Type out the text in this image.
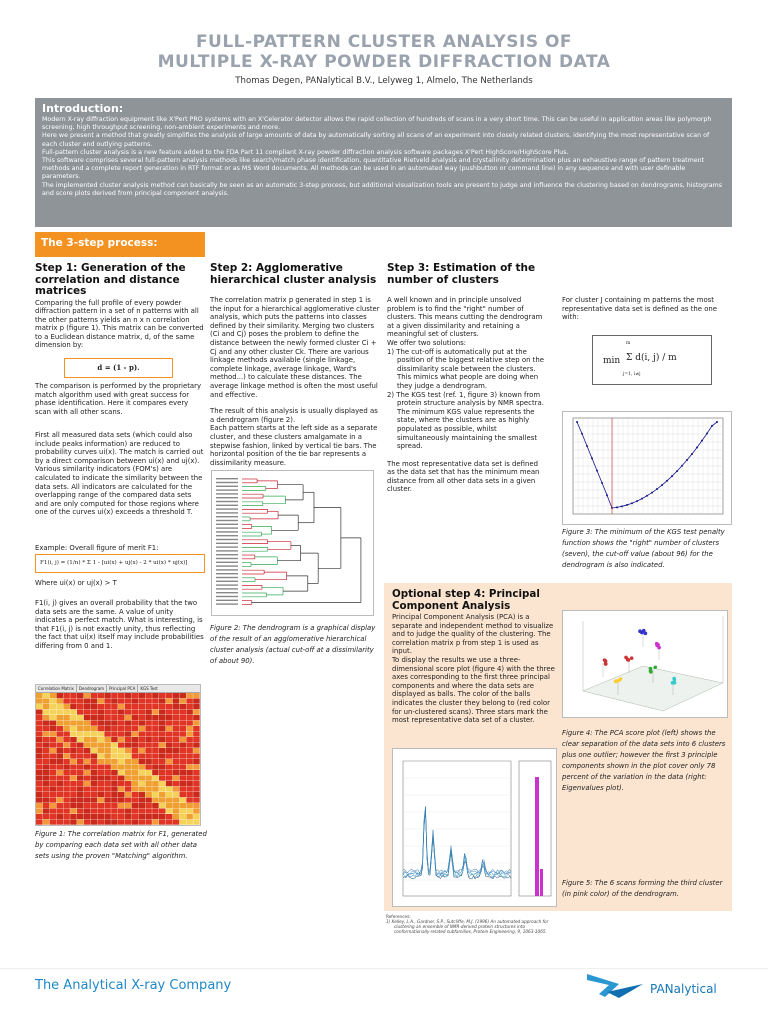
FULL-PATTERN CLUSTER ANALYSIS OF
MULTIPLE X-RAY POWDER DIFFRACTION DATA
Thomas Degen, PANalytical B.V., Lelyweg 1, Almelo, The Netherlands
Introduction:

Modern X-ray diffraction equipment like X'Pert PRO systems with an X'Celerator detector allows the rapid collection of hundreds of scans in a very short time. This can be useful in application areas like polymorph screening, high throughput screening, non-ambient experiments and more.

Here we present a method that greatly simplifies the analysis of large amounts of data by automatically sorting all scans of an experiment into closely related clusters, identifying the most representative scan of each cluster and outlying patterns.

Full-pattern cluster analysis is a new feature added to the FDA Part 11 compliant X-ray powder diffraction analysis software packages X'Pert HighScore/HighScore Plus.

This software comprises several full-pattern analysis methods like search/match phase identification, quantitative Rietveld analysis and crystallinity determination plus an exhaustive range of pattern treatment methods and a complete report generation in RTF format or as MS Word documents. All methods can be used in an automated way (pushbutton or command line) in any sequence and with user definable parameters.

The implemented cluster analysis method can basically be seen as an automatic 3-step process, but additional visualization tools are present to judge and influence the clustering based on dendrograms, histograms and score plots derived from principal component analysis.

The 3-step process:
Step 1: Generation of the correlation and distance matrices

Comparing the full profile of every powder diffraction pattern in a set of n patterns with all the other patterns yields an n x n correlation matrix p (figure 1). This matrix can be converted to a Euclidean distance matrix, d, of the same dimension by:

d = (1 - p).

The comparison is performed by the proprietary match algorithm used with great success for phase identification. Here it compares every scan with all other scans.

First all measured data sets (which could also include peaks information) are reduced to probability curves ui(x). The match is carried out by a direct comparison between ui(x) and uj(x). Various similarity indicators (FOM's) are calculated to indicate the similarity between the data sets. All indicators are calculated for the overlapping range of the compared data sets and are only computed for those regions where one of the curves ui(x) exceeds a threshold T.

Example: Overall figure of merit F1:

F1(i, j) = (1/n) * Σ 1 - [ui(x) + uj(x) - 2 * ui(x) * uj(x)]

Where ui(x) or uj(x) > T

F1(i, j) gives an overall probability that the two data sets are the same. A value of unity indicates a perfect match. What is interesting, is that F1(i, j) is not exactly unity, thus reflecting the fact that ui(x) itself may include probabilities differing from 0 and 1.

Correlation Matrix	Dendrogram	Principal PCA	KGS Test
Figure 1: The correlation matrix for F1, generated by comparing each data set with all other data sets using the proven "Matching" algorithm.
Step 2: Agglomerative hierarchical cluster analysis

The correlation matrix p generated in step 1 is the input for a hierarchical agglomerative cluster analysis, which puts the patterns into classes defined by their similarity. Merging two clusters (Ci and Cj) poses the problem to define the distance between the newly formed cluster Ci + Cj and any other cluster Ck. There are various linkage methods available (single linkage, complete linkage, average linkage, Ward's method...) to calculate these distances. The average linkage method is often the most useful and effective.

The result of this analysis is usually displayed as a dendrogram (figure 2).

Each pattern starts at the left side as a separate cluster, and these clusters amalgamate in a stepwise fashion, linked by vertical tie bars. The horizontal position of the tie bar represents a dissimilarity measure.

Figure 2: The dendrogram is a graphical display of the result of an agglomerative hierarchical cluster analysis (actual cut-off at a dissimilarity of about 90).
Step 3: Estimation of the number of clusters

A well known and in principle unsolved problem is to find the "right" number of clusters. This means cutting the dendrogram at a given dissimilarity and retaining a meaningful set of clusters.

We offer two solutions:

1) The cut-off is automatically put at the position of the biggest relative step on the dissimilarity scale between the clusters. This mimics what people are doing when they judge a dendrogram.
2) The KGS test (ref. 1, figure 3) known from protein structure analysis by NMR spectra. The minimum KGS value represents the state, where the clusters are as highly populated as possible, whilst simultaneously maintaining the smallest spread.

The most representative data set is defined as the data set that has the minimum mean distance from all other data sets in a given cluster.

For cluster J containing m patterns the most representative data set is defined as the one with:

min
m
Σ d(i, j) / m
j=1, i≠j
Figure 3: The minimum of the KGS test penalty function shows the "right" number of clusters (seven), the cut-off value (about 96) for the dendrogram is also indicated.
Optional step 4: Principal Component Analysis

Principal Component Analysis (PCA) is a separate and independent method to visualize and to judge the quality of the clustering. The correlation matrix p from step 1 is used as input.

To display the results we use a three-dimensional score plot (figure 4) with the three axes corresponding to the first three principal components and where the data sets are displayed as balls. The color of the balls indicates the cluster they belong to (red color for un-clustered scans). Three stars mark the most representative data set of a cluster.

Figure 4: The PCA score plot (left) shows the clear separation of the data sets into 6 clusters plus one outlier; however the first 3 principle components shown in the plot cover only 78 percent of the variation in the data (right: Eigenvalues plot).
Figure 5: The 6 scans forming the third cluster (in pink color) of the dendrogram.
References:
1) Kelley, L.A., Gardner, S.P., Sutcliffe, M.J. (1996) An automated approach for clustering an ensemble of NMR-derived protein structures into conformationally-related subfamilies, Protein Engineering, 9, 1063-1065.
The Analytical X-ray Company	PANalytical
